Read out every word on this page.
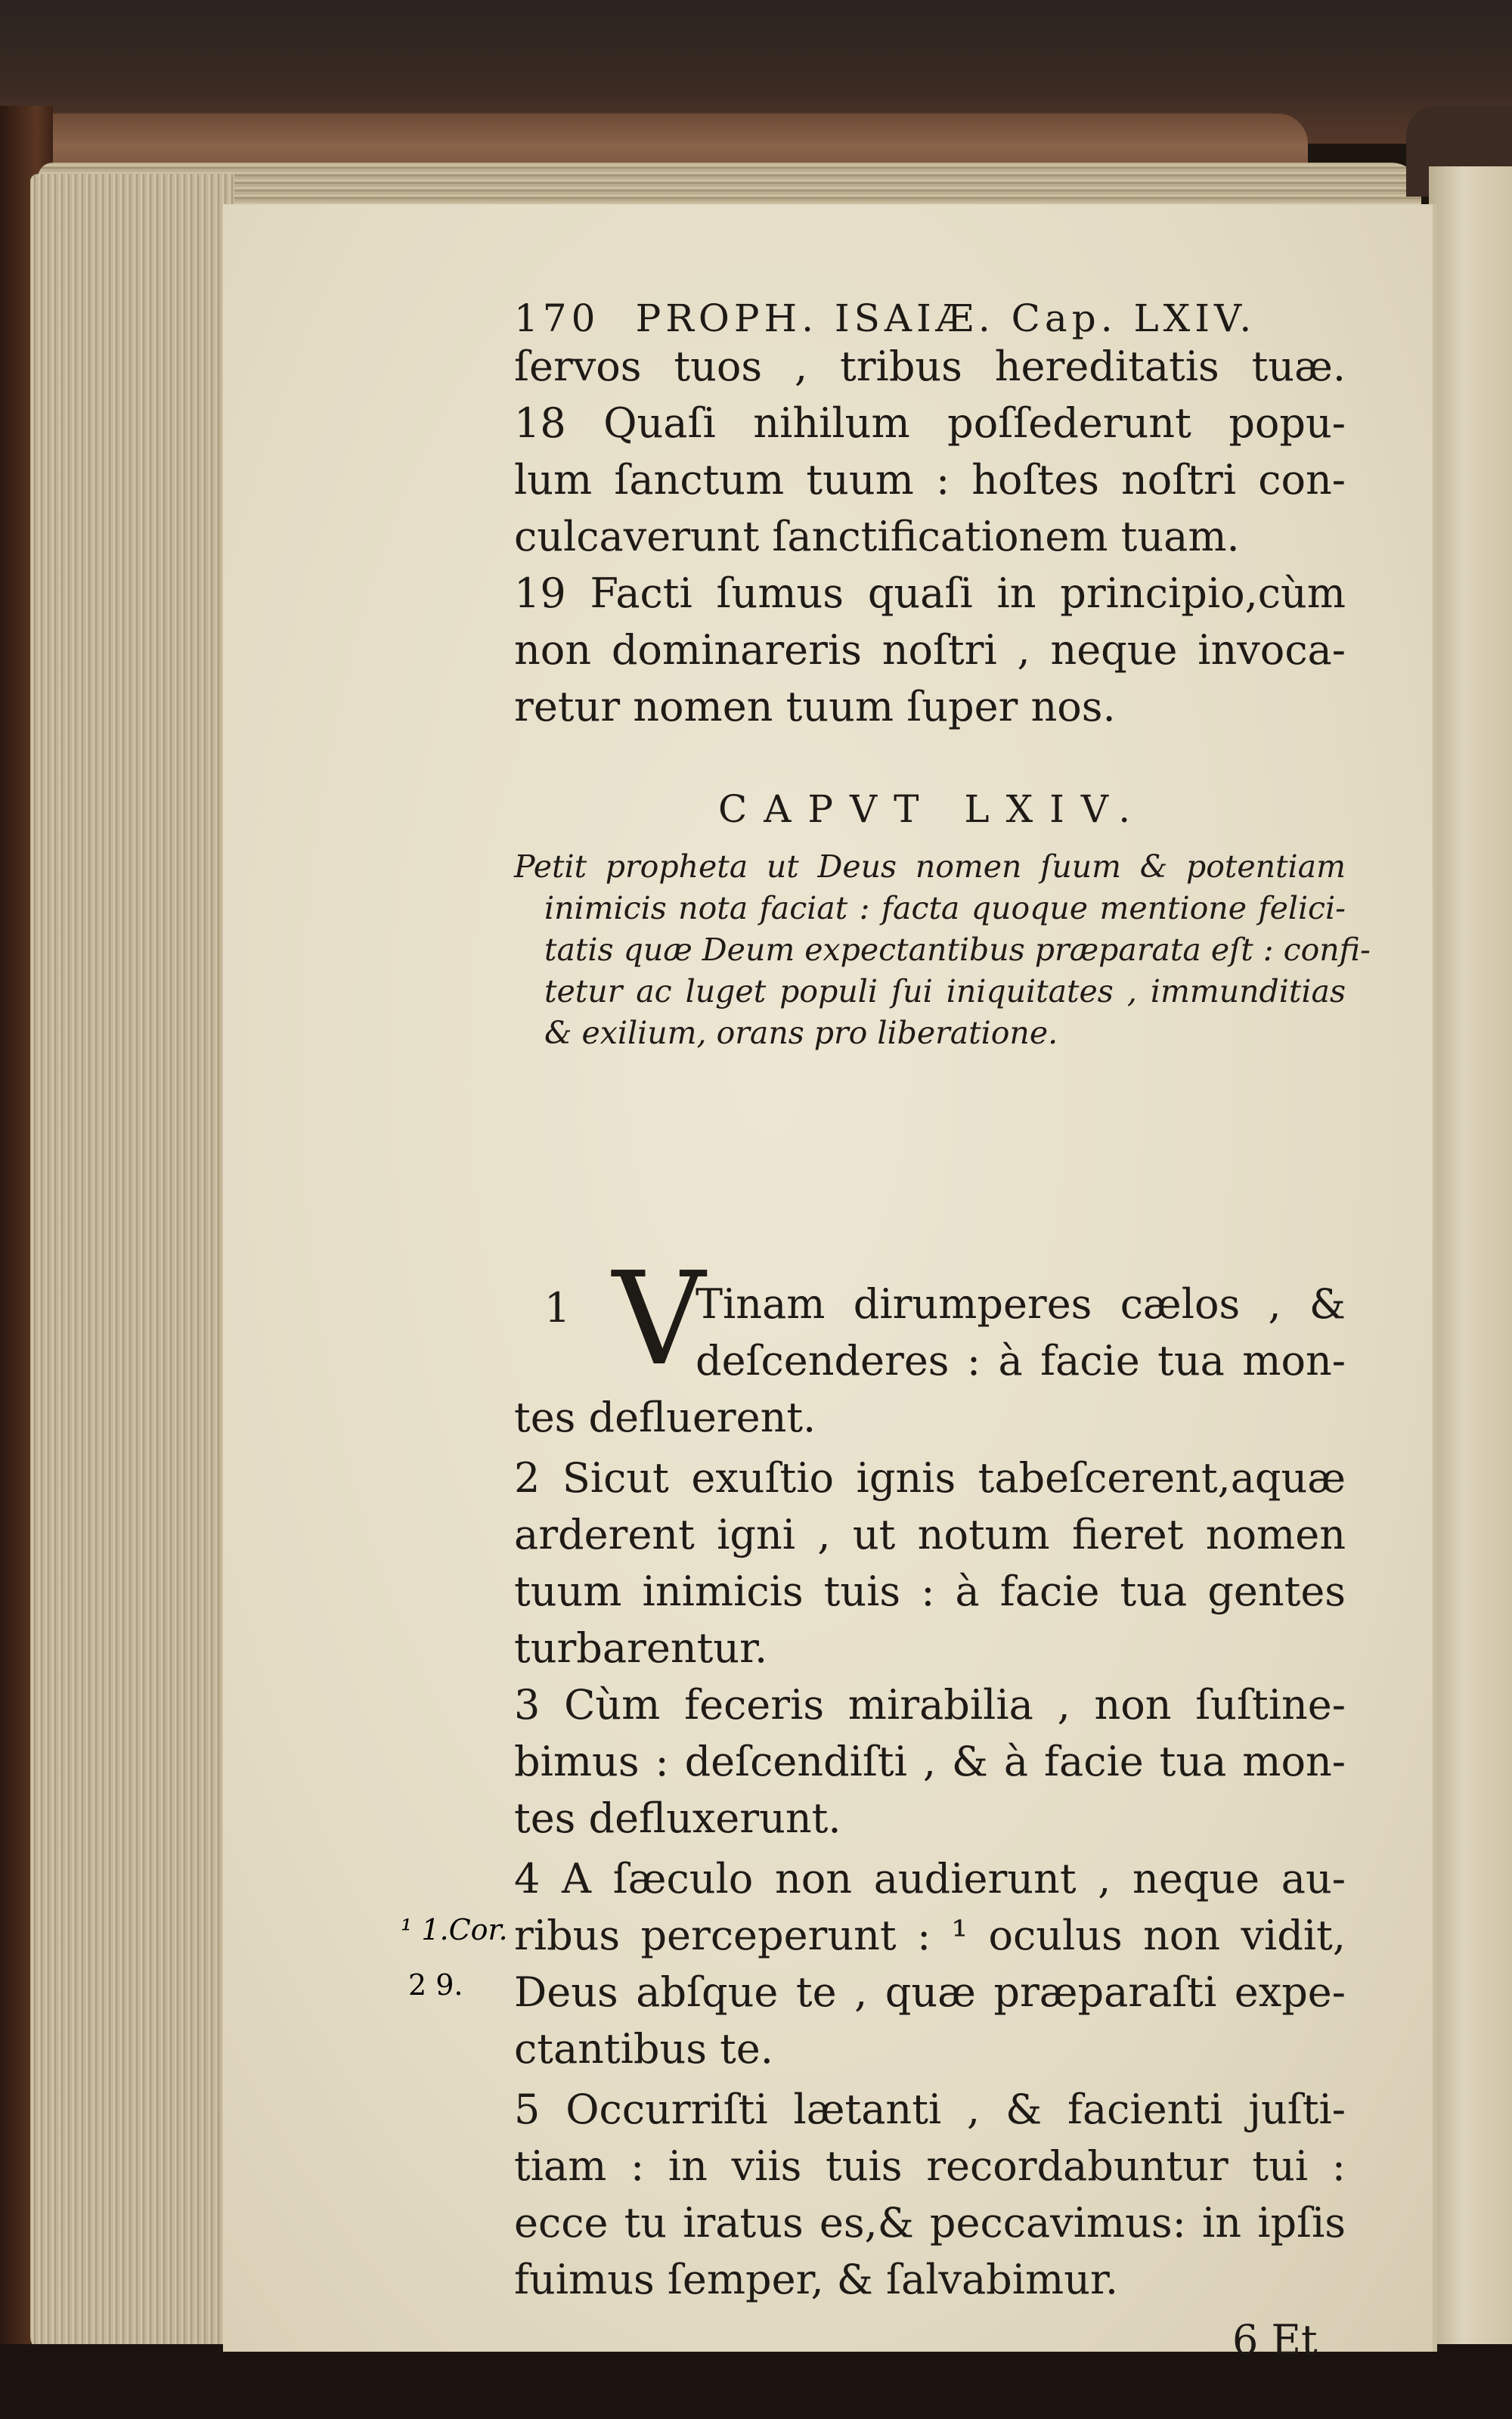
170 PROPH. ISAIÆ. Cap. LXIV.
ſervos tuos , tribus hereditatis tuæ.
18 Quaſi nihilum poſſederunt popu-
lum ſanctum tuum : hoſtes noſtri con-
culcaverunt ſanctificationem tuam.
19 Facti ſumus quaſi in principio,cùm
non dominareris noſtri , neque invoca-
retur nomen tuum ſuper nos.
CAPVT LXIV.
Petit propheta ut Deus nomen ſuum & potentiam
inimicis nota faciat : facta quoque mentione felici-
tatis quæ Deum expectantibus præparata eſt : confi-
tetur ac luget populi ſui iniquitates , immunditias
& exilium, orans pro liberatione.
1 V
Tinam dirumperes cælos , &
deſcenderes : à facie tua mon-
tes defluerent.
2 Sicut exuſtio ignis tabeſcerent,aquæ
arderent igni , ut notum fieret nomen
tuum inimicis tuis : à facie tua gentes
turbarentur.
3 Cùm feceris mirabilia , non ſuſtine-
bimus : deſcendiſti , & à facie tua mon-
tes defluxerunt.
4 A ſæculo non audierunt , neque au-
ribus perceperunt : ¹ oculus non vidit,
Deus abſque te , quæ præparaſti expe-
ctantibus te.
5 Occurriſti lætanti , & facienti juſti-
tiam : in viis tuis recordabuntur tui :
ecce tu iratus es,& peccavimus: in ipſis
fuimus ſemper, & ſalvabimur.
6 Et
¹ 1.Cor.
2 9.
